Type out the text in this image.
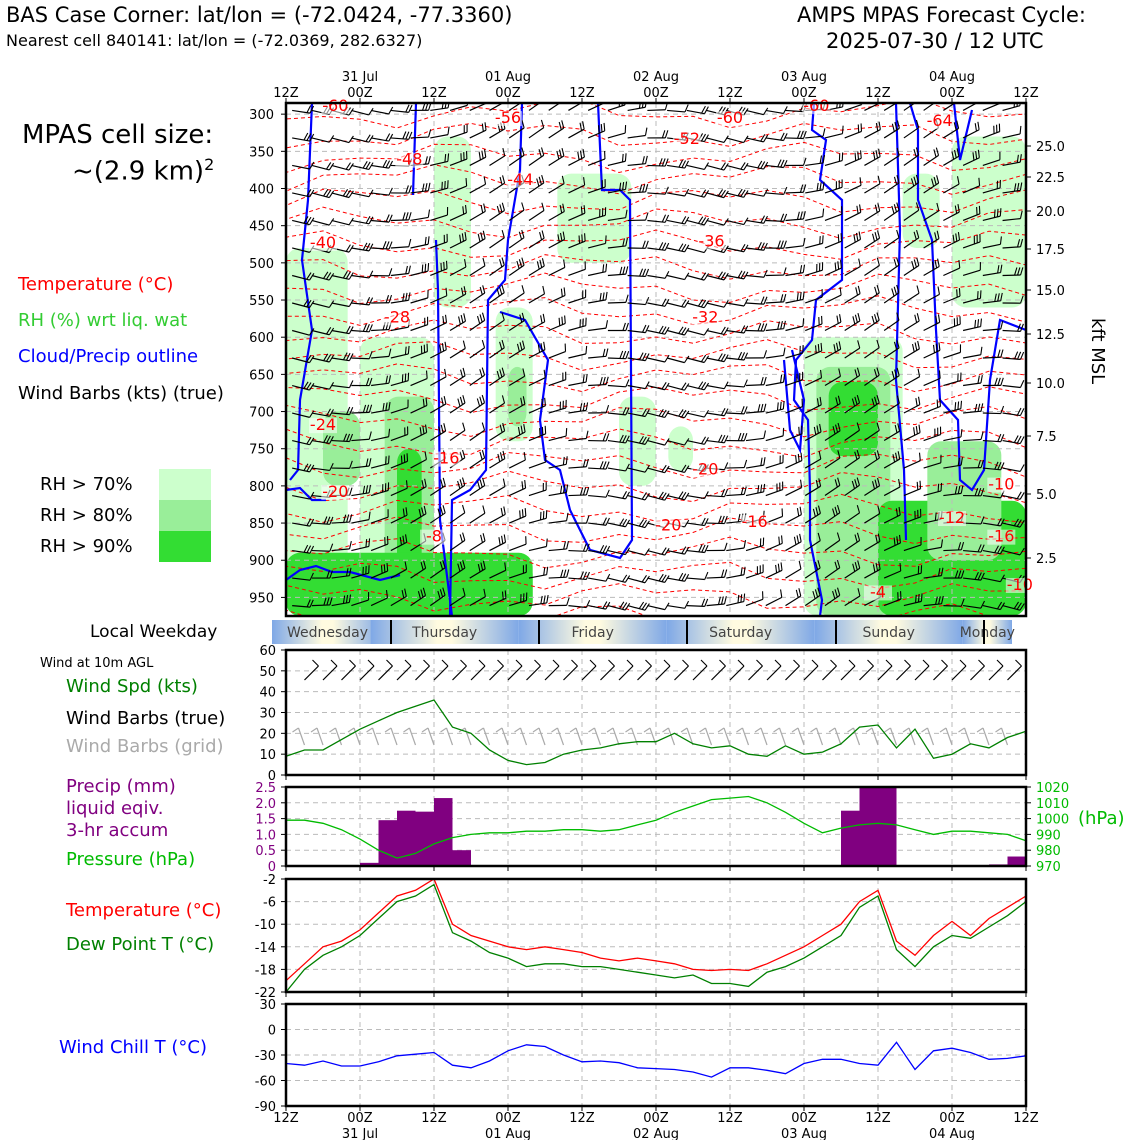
BAS Case Corner: lat/lon = (-72.0424, -77.3360)
Nearest cell 840141: lat/lon = (-72.0369, 282.6327)
AMPS MPAS Forecast Cycle:
2025-07-30 / 12 UTC
MPAS cell size:
~(2.9 km)$^2$
Temperature (°C)
RH (%) wrt liq. wat
Cloud/Precip outline
Wind Barbs (kts) (true)
RH > 70%
RH > 80%
RH > 90%
Local Weekday
Wind at 10m AGL
Wind Spd (kts)
Wind Barbs (true)
Wind Barbs (grid)
Precip (mm)
liquid eqiv.
3-hr accum
Pressure (hPa)
Temperature (°C)
Dew Point T (°C)
Wind Chill T (°C)
(hPa)
kft MSL
-60
-56	-60
-60
-64
-48
-52
-44
-40	-36
-28	-32
-24
-16
-20
-20
-20	-16
-8
-12
-10
-16
-4	-10
300
350
400
450
500
550
600
650
700
750
800
850
900
950
25.0
22.5
20.0
17.5
15.0
12.5
10.0
7.5
5.0
2.5
Wednesday	Thursday	Friday	Saturday	Sunday	Monday
0
10
20
30
40
50
60
0
0.5
1.0
1.5
2.0
2.5
970
980
990
1000
1010
1020
-22
-18
-14
-10
-6
-2
-90
-60
-30
0
30
12Z
12Z
00Z
00Z
12Z
12Z
00Z
00Z
12Z
12Z
00Z
00Z
12Z
12Z
00Z
00Z
12Z
12Z
00Z
00Z
12Z
12Z
31 Jul
31 Jul
01 Aug
01 Aug
02 Aug
02 Aug
03 Aug
03 Aug
04 Aug
04 Aug
